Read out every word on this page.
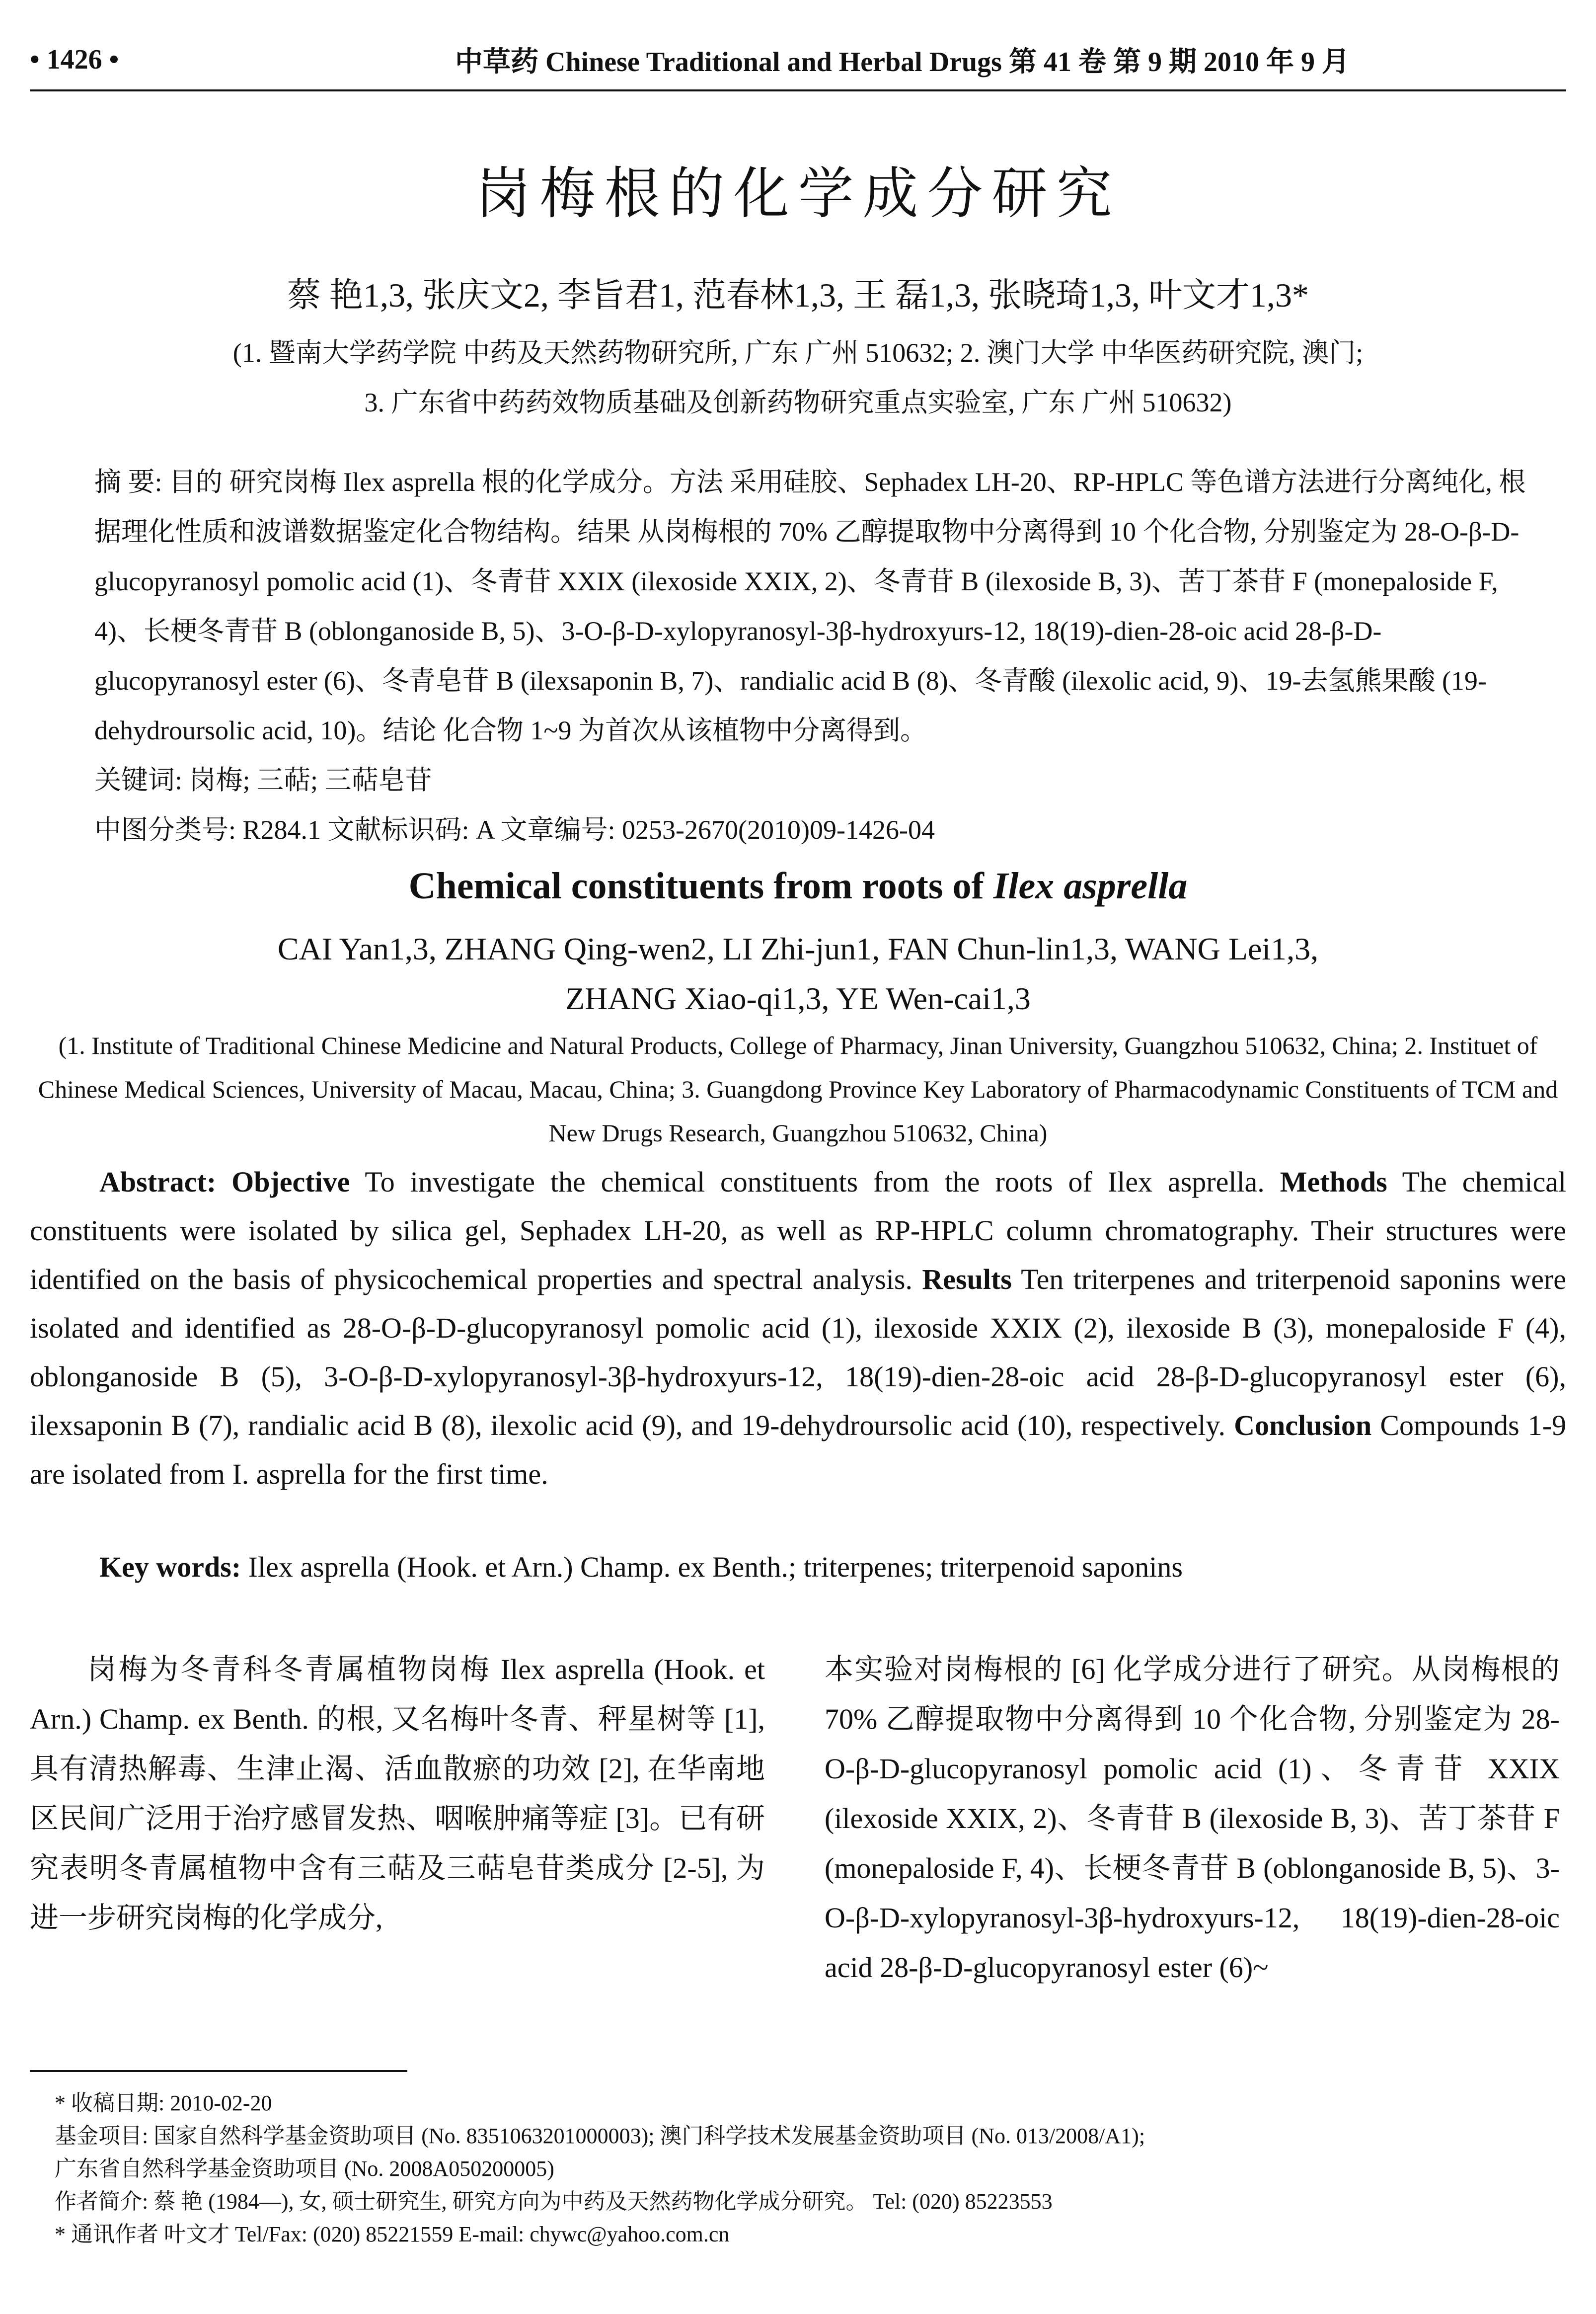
• 1426 •	中草药 Chinese Traditional and Herbal Drugs 第 41 卷 第 9 期 2010 年 9 月
岗梅根的化学成分研究
蔡 艳1,3, 张庆文2, 李旨君1, 范春林1,3, 王 磊1,3, 张晓琦1,3, 叶文才1,3*
(1. 暨南大学药学院 中药及天然药物研究所, 广东 广州 510632; 2. 澳门大学 中华医药研究院, 澳门;
3. 广东省中药药效物质基础及创新药物研究重点实验室, 广东 广州 510632)

摘 要: 目的 研究岗梅 Ilex asprella 根的化学成分。方法 采用硅胶、Sephadex LH-20、RP-HPLC 等色谱方法进行分离纯化, 根据理化性质和波谱数据鉴定化合物结构。结果 从岗梅根的 70% 乙醇提取物中分离得到 10 个化合物, 分别鉴定为 28-O-β-D-glucopyranosyl pomolic acid (1)、冬青苷 XXIX (ilexoside XXIX, 2)、冬青苷 B (ilexoside B, 3)、苦丁茶苷 F (monepaloside F, 4)、长梗冬青苷 B (oblonganoside B, 5)、3-O-β-D-xylopyranosyl-3β-hydroxyurs-12, 18(19)-dien-28-oic acid 28-β-D-glucopyranosyl ester (6)、冬青皂苷 B (ilexsaponin B, 7)、randialic acid B (8)、冬青酸 (ilexolic acid, 9)、19-去氢熊果酸 (19-dehydroursolic acid, 10)。结论 化合物 1~9 为首次从该植物中分离得到。

关键词: 岗梅; 三萜; 三萜皂苷

中图分类号: R284.1 文献标识码: A 文章编号: 0253-2670(2010)09-1426-04

Chemical constituents from roots of Ilex asprella
CAI Yan1,3, ZHANG Qing-wen2, LI Zhi-jun1, FAN Chun-lin1,3, WANG Lei1,3,
ZHANG Xiao-qi1,3, YE Wen-cai1,3
(1. Institute of Traditional Chinese Medicine and Natural Products, College of Pharmacy, Jinan University, Guangzhou 510632, China; 2. Instituet of Chinese Medical Sciences, University of Macau, Macau, China; 3. Guangdong Province Key Laboratory of Pharmacodynamic Constituents of TCM and New Drugs Research, Guangzhou 510632, China)

Abstract: Objective To investigate the chemical constituents from the roots of Ilex asprella. Methods The chemical constituents were isolated by silica gel, Sephadex LH-20, as well as RP-HPLC column chromatography. Their structures were identified on the basis of physicochemical properties and spectral analysis. Results Ten triterpenes and triterpenoid saponins were isolated and identified as 28-O-β-D-glucopyranosyl pomolic acid (1), ilexoside XXIX (2), ilexoside B (3), monepaloside F (4), oblonganoside B (5), 3-O-β-D-xylopyranosyl-3β-hydroxyurs-12, 18(19)-dien-28-oic acid 28-β-D-glucopyranosyl ester (6), ilexsaponin B (7), randialic acid B (8), ilexolic acid (9), and 19-dehydroursolic acid (10), respectively. Conclusion Compounds 1-9 are isolated from I. asprella for the first time.

Key words: Ilex asprella (Hook. et Arn.) Champ. ex Benth.; triterpenes; triterpenoid saponins

岗梅为冬青科冬青属植物岗梅 Ilex asprella (Hook. et Arn.) Champ. ex Benth. 的根, 又名梅叶冬青、秤星树等 [1], 具有清热解毒、生津止渴、活血散瘀的功效 [2], 在华南地区民间广泛用于治疗感冒发热、咽喉肿痛等症 [3]。已有研究表明冬青属植物中含有三萜及三萜皂苷类成分 [2-5], 为进一步研究岗梅的化学成分,

本实验对岗梅根的 [6] 化学成分进行了研究。从岗梅根的 70% 乙醇提取物中分离得到 10 个化合物, 分别鉴定为 28-O-β-D-glucopyranosyl pomolic acid (1)、冬青苷 XXIX (ilexoside XXIX, 2)、冬青苷 B (ilexoside B, 3)、苦丁茶苷 F (monepaloside F, 4)、长梗冬青苷 B (oblonganoside B, 5)、3-O-β-D-xylopyranosyl-3β-hydroxyurs-12, 18(19)-dien-28-oic acid 28-β-D-glucopyranosyl ester (6)~

* 收稿日期: 2010-02-20

基金项目: 国家自然科学基金资助项目 (No. 8351063201000003); 澳门科学技术发展基金资助项目 (No. 013/2008/A1);

广东省自然科学基金资助项目 (No. 2008A050200005)

作者简介: 蔡 艳 (1984—), 女, 硕士研究生, 研究方向为中药及天然药物化学成分研究。 Tel: (020) 85223553

* 通讯作者 叶文才 Tel/Fax: (020) 85221559 E-mail: chywc@yahoo.com.cn
